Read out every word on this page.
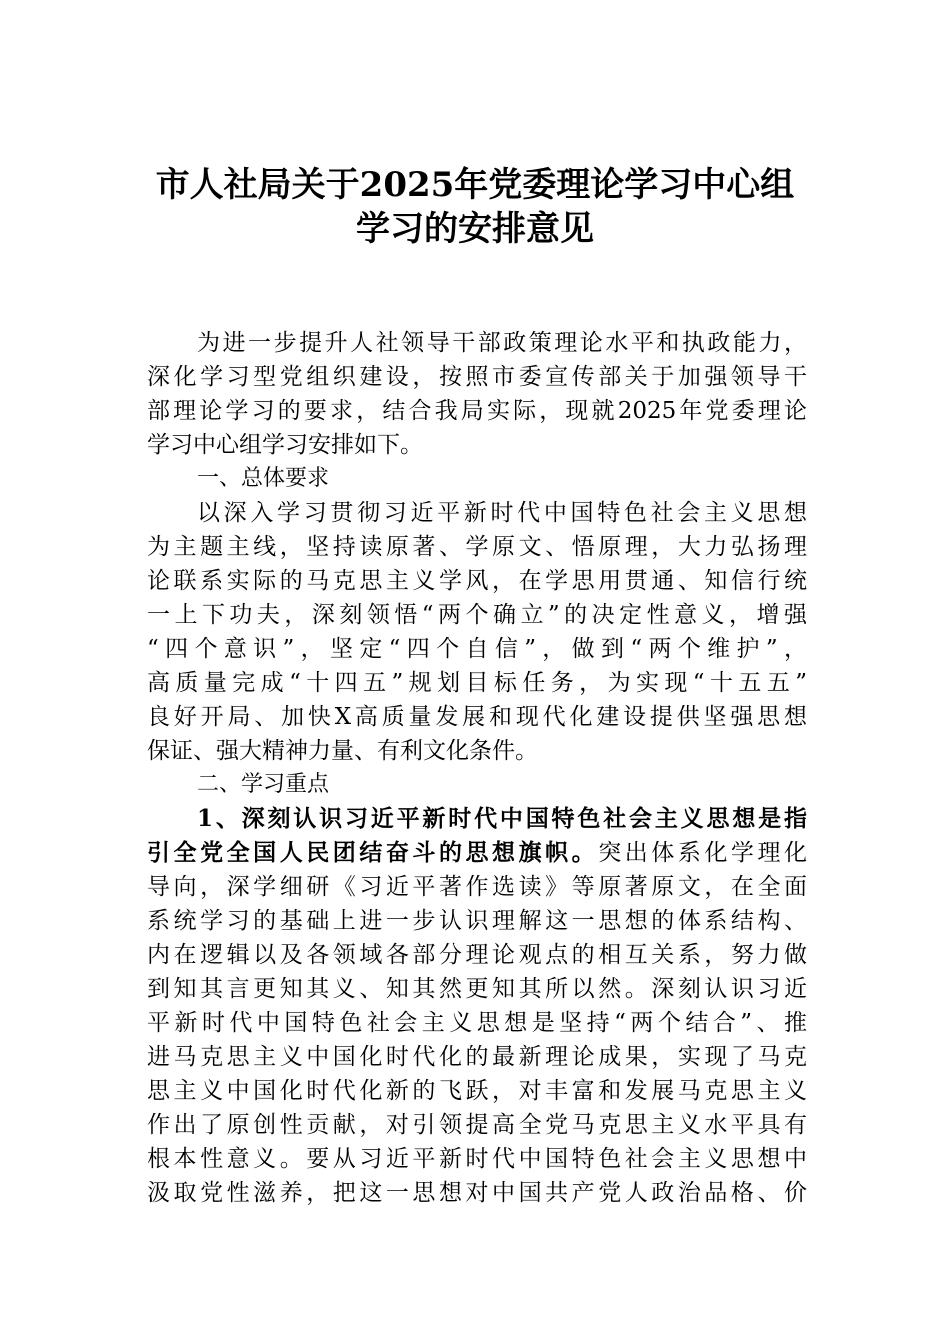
市人社局关于2025年党委理论学习中心组
学习的安排意见
为进一步提升人社领导干部政策理论水平和执政能力，
深化学习型党组织建设，按照市委宣传部关于加强领导干
部理论学习的要求，结合我局实际，现就2025年党委理论
学习中心组学习安排如下。
一、总体要求
以深入学习贯彻习近平新时代中国特色社会主义思想
为主题主线，坚持读原著、学原文、悟原理，大力弘扬理
论联系实际的马克思主义学风，在学思用贯通、知信行统
一上下功夫，深刻领悟“两个确立”的决定性意义，增强
“四个意识”，坚定“四个自信”，做到“两个维护”，
高质量完成“十四五”规划目标任务，为实现“十五五”
良好开局、加快X高质量发展和现代化建设提供坚强思想
保证、强大精神力量、有利文化条件。
二、学习重点
1、深刻认识习近平新时代中国特色社会主义思想是指
引全党全国人民团结奋斗的思想旗帜。突出体系化学理化
导向，深学细研《习近平著作选读》等原著原文，在全面
系统学习的基础上进一步认识理解这一思想的体系结构、
内在逻辑以及各领域各部分理论观点的相互关系，努力做
到知其言更知其义、知其然更知其所以然。深刻认识习近
平新时代中国特色社会主义思想是坚持“两个结合”、推
进马克思主义中国化时代化的最新理论成果，实现了马克
思主义中国化时代化新的飞跃，对丰富和发展马克思主义
作出了原创性贡献，对引领提高全党马克思主义水平具有
根本性意义。要从习近平新时代中国特色社会主义思想中
汲取党性滋养，把这一思想对中国共产党人政治品格、价
